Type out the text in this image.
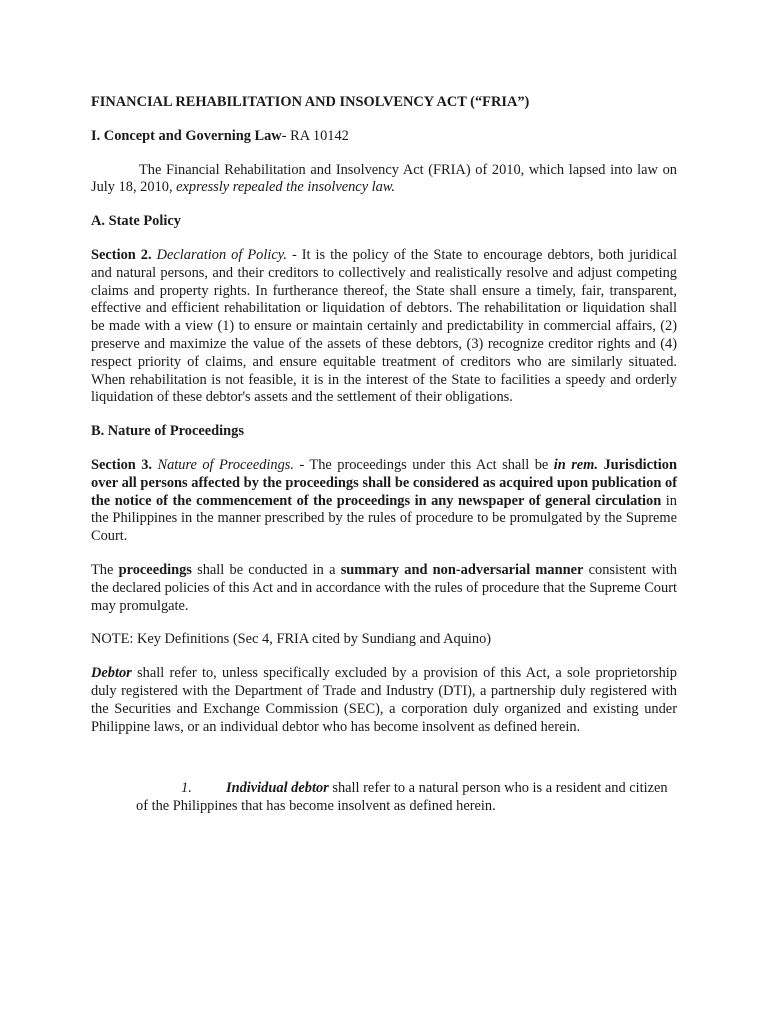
FINANCIAL REHABILITATION AND INSOLVENCY ACT (“FRIA”)

I. Concept and Governing Law- RA 10142

The Financial Rehabilitation and Insolvency Act (FRIA) of 2010, which lapsed into law on July 18, 2010, expressly repealed the insolvency law.

A. State Policy

Section 2. Declaration of Policy. - It is the policy of the State to encourage debtors, both juridical and natural persons, and their creditors to collectively and realistically resolve and adjust competing claims and property rights. In furtherance thereof, the State shall ensure a timely, fair, transparent, effective and efficient rehabilitation or liquidation of debtors. The rehabilitation or liquidation shall be made with a view (1) to ensure or maintain certainly and predictability in commercial affairs, (2) preserve and maximize the value of the assets of these debtors, (3) recognize creditor rights and (4) respect priority of claims, and ensure equitable treatment of creditors who are similarly situated. When rehabilitation is not feasible, it is in the interest of the State to facilities a speedy and orderly liquidation of these debtor's assets and the settlement of their obligations.

B. Nature of Proceedings

Section 3. Nature of Proceedings. - The proceedings under this Act shall be in rem. Jurisdiction over all persons affected by the proceedings shall be considered as acquired upon publication of the notice of the commencement of the proceedings in any newspaper of general circulation in the Philippines in the manner prescribed by the rules of procedure to be promulgated by the Supreme Court.

The proceedings shall be conducted in a summary and non-adversarial manner consistent with the declared policies of this Act and in accordance with the rules of procedure that the Supreme Court may promulgate.

NOTE: Key Definitions (Sec 4, FRIA cited by Sundiang and Aquino)

Debtor shall refer to, unless specifically excluded by a provision of this Act, a sole proprietorship duly registered with the Department of Trade and Industry (DTI), a partnership duly registered with the Securities and Exchange Commission (SEC), a corporation duly organized and existing under Philippine laws, or an individual debtor who has become insolvent as defined herein.

1. Individual debtor shall refer to a natural person who is a resident and citizen of the Philippines that has become insolvent as defined herein.
